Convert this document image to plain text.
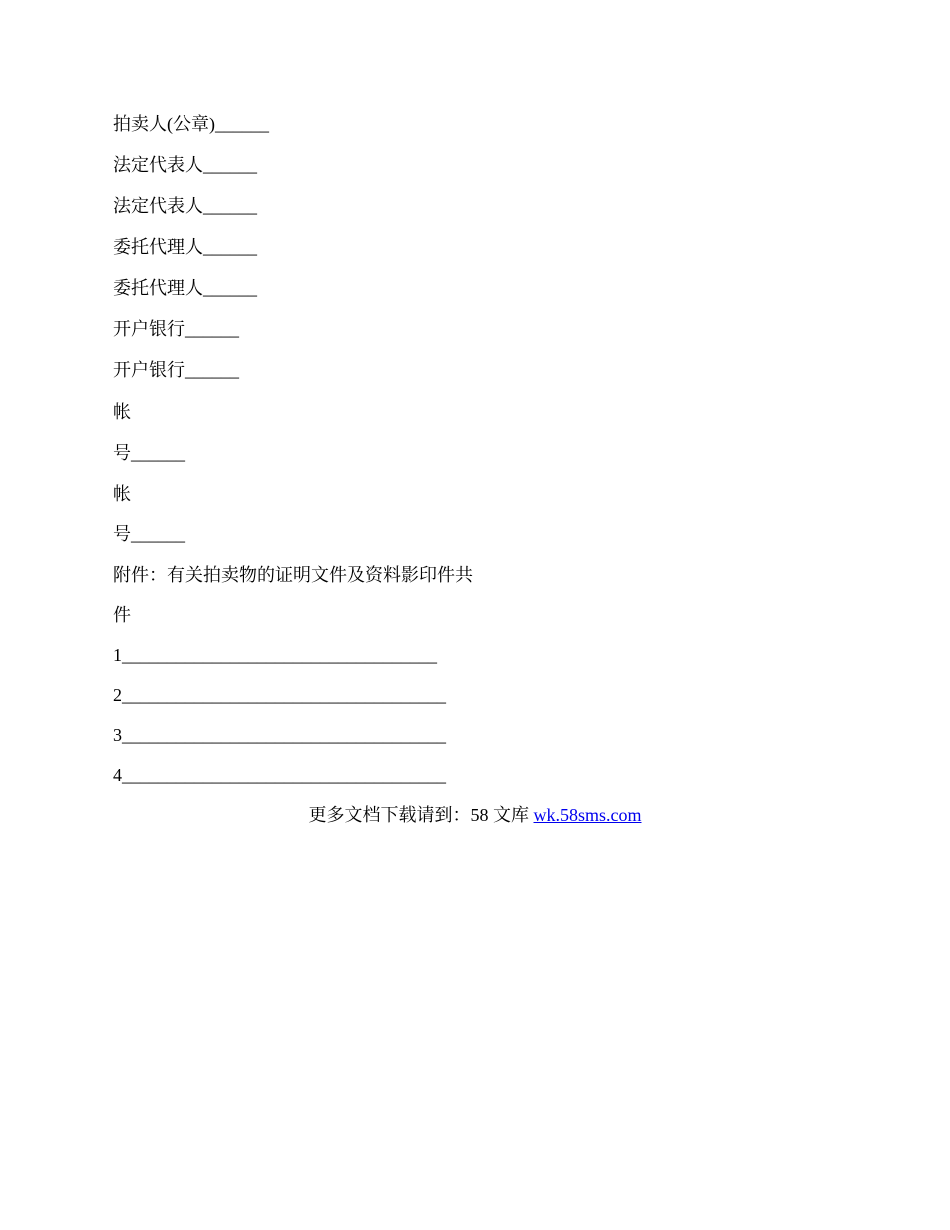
拍卖人(公章)______
法定代表人______
法定代表人______
委托代理人______
委托代理人______
开户银行______
开户银行______
帐
号______
帐
号______
附件：有关拍卖物的证明文件及资料影印件共
件
1___________________________________
2____________________________________
3____________________________________
4____________________________________
更多文档下载请到：58 文库 wk.58sms.com
